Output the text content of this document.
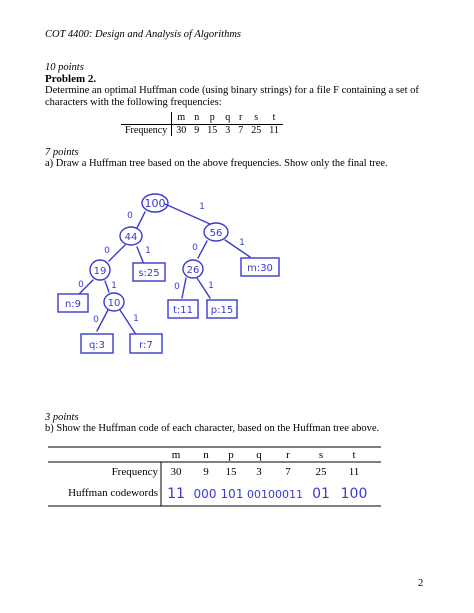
COT 4400: Design and Analysis of Algorithms
10 points
Problem 2.
Determine an optimal Huffman code (using binary strings) for a file F containing a set of characters with the following frequencies:
	m	n	p	q	r	s	t
Frequency	30	9	15	3	7	25	11
7 points
a) Draw a Huffman tree based on the above frequencies. Show only the final tree.
100
44	56
19	26
10
s:25	m:30
n:9
t:11 p:15
q:3	r:7
0
1
0	1	0	1
0	1	0	1
0	1
3 points
b) Show the Huffman code of each character, based on the Huffman tree above.
m n p q r	s	t
Frequency 30 9 15 3 7 25 11
Huffman codewords 11 000 101 0010 0011 01 100
2
